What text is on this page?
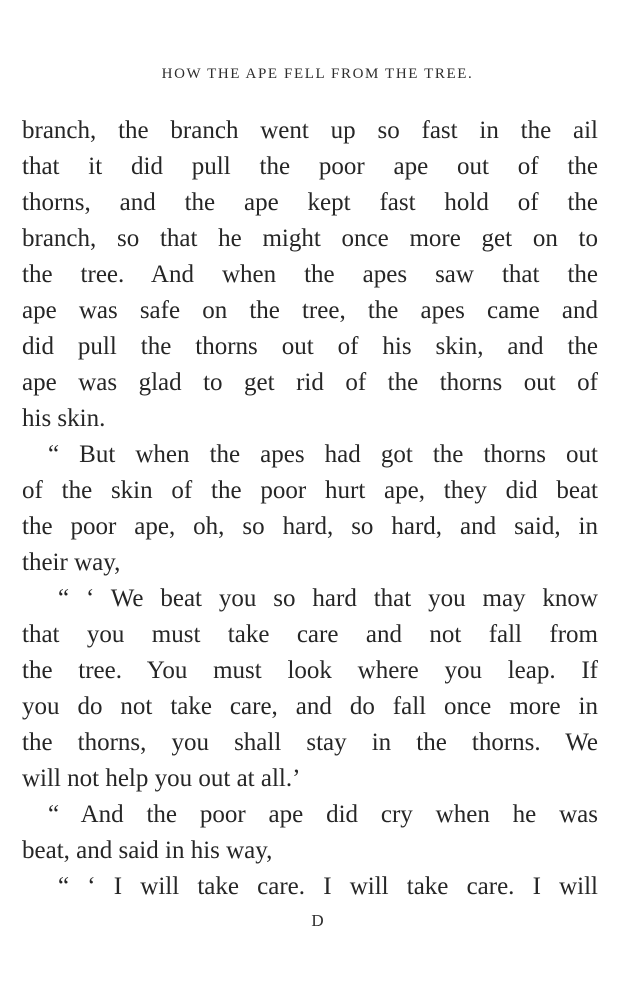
HOW THE APE FELL FROM THE TREE.
branch, the branch went up so fast in the ail
that it did pull the poor ape out of the
thorns, and the ape kept fast hold of the
branch, so that he might once more get on to
the tree. And when the apes saw that the
ape was safe on the tree, the apes came and
did pull the thorns out of his skin, and the
ape was glad to get rid of the thorns out of
his skin.
“ But when the apes had got the thorns out
of the skin of the poor hurt ape, they did beat
the poor ape, oh, so hard, so hard, and said, in
their way,
“ ‘ We beat you so hard that you may know
that you must take care and not fall from
the tree. You must look where you leap. If
you do not take care, and do fall once more in
the thorns, you shall stay in the thorns. We
will not help you out at all.’
“ And the poor ape did cry when he was
beat, and said in his way,
“ ‘ I will take care. I will take care. I will
D
